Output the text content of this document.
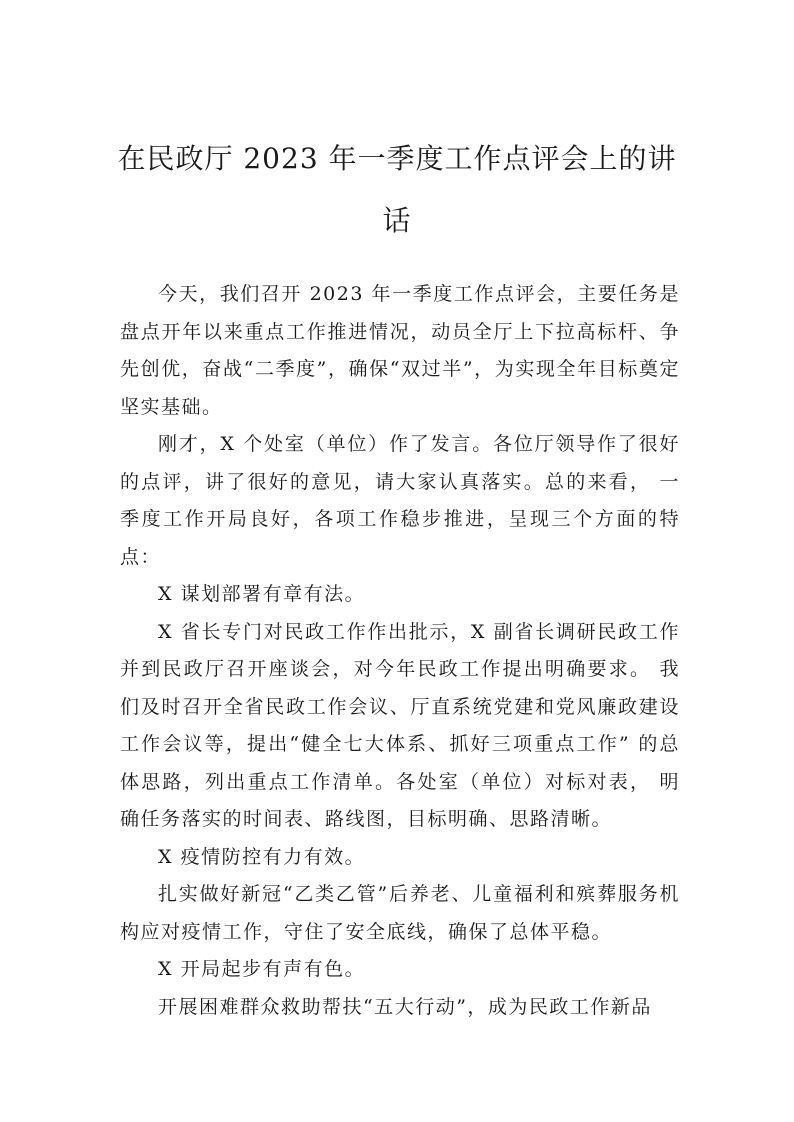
在民政厅 2023 年一季度工作点评会上的讲
话

今天，我们召开 2023 年一季度工作点评会，主要任务是盘点开年以来重点工作推进情况，动员全厅上下拉高标杆、争先创优，奋战“二季度”，确保“双过半”，为实现全年目标奠定坚实基础。

刚才，X 个处室（单位）作了发言。各位厅领导作了很好的点评，讲了很好的意见，请大家认真落实。总的来看， 一季度工作开局良好，各项工作稳步推进，呈现三个方面的特点：

X 谋划部署有章有法。

X 省长专门对民政工作作出批示，X 副省长调研民政工作并到民政厅召开座谈会，对今年民政工作提出明确要求。 我们及时召开全省民政工作会议、厅直系统党建和党风廉政建设工作会议等，提出“健全七大体系、抓好三项重点工作” 的总体思路，列出重点工作清单。各处室（单位）对标对表， 明确任务落实的时间表、路线图，目标明确、思路清晰。

X 疫情防控有力有效。

扎实做好新冠“乙类乙管”后养老、儿童福利和殡葬服务机构应对疫情工作，守住了安全底线，确保了总体平稳。

X 开局起步有声有色。

开展困难群众救助帮扶“五大行动”，成为民政工作新品
